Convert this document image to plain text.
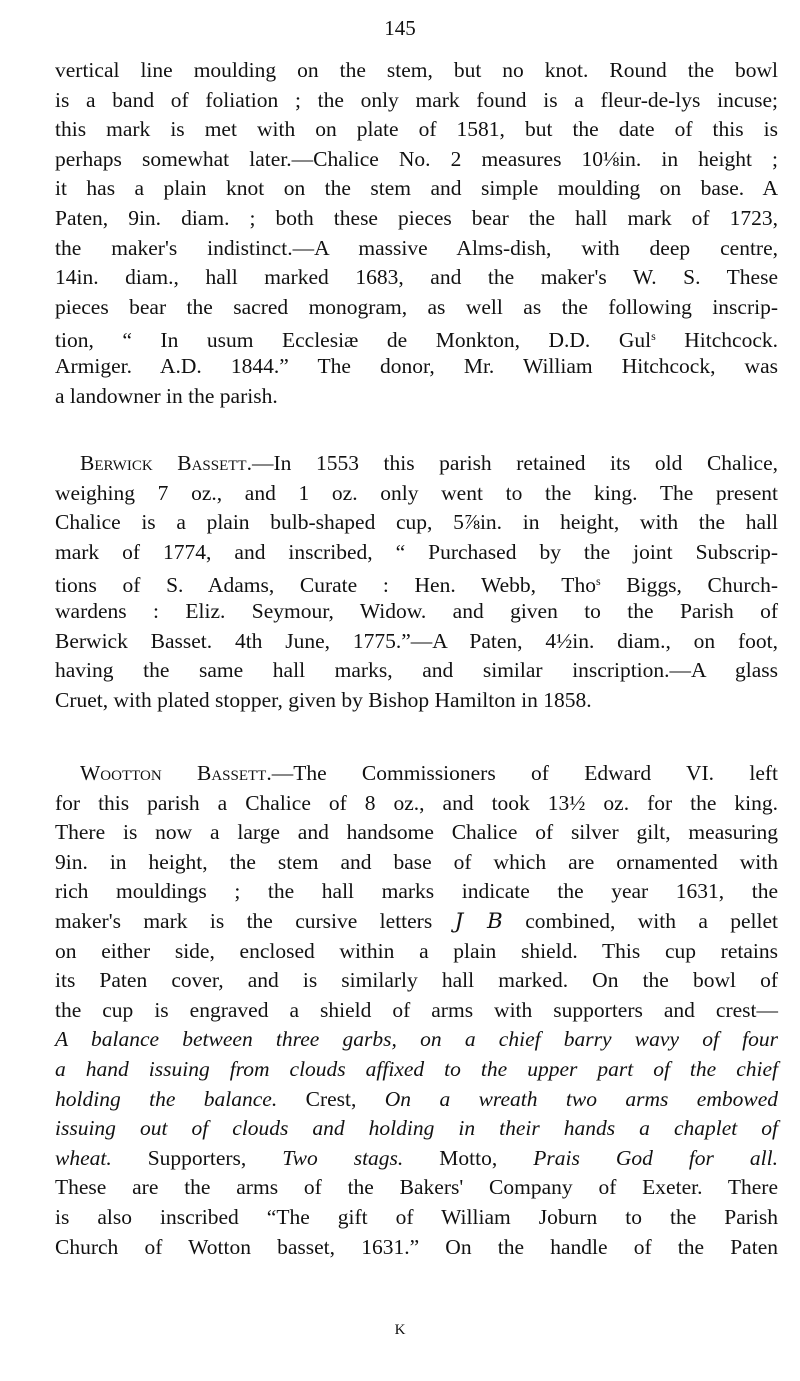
145
vertical line moulding on the stem, but no knot. Round the bowl
is a band of foliation ; the only mark found is a fleur-de-lys incuse;
this mark is met with on plate of 1581, but the date of this is
perhaps somewhat later.—Chalice No. 2 measures 10⅛in. in height ;
it has a plain knot on the stem and simple moulding on base. A
Paten, 9in. diam. ; both these pieces bear the hall mark of 1723,
the maker's indistinct.—A massive Alms-dish, with deep centre,
14in. diam., hall marked 1683, and the maker's W. S. These
pieces bear the sacred monogram, as well as the following inscrip-
tion, “ In usum Ecclesiæ de Monkton, D.D. Gul$^s$ Hitchcock.
Armiger. A.D. 1844.” The donor, Mr. William Hitchcock, was
a landowner in the parish.
Berwick Bassett.—In 1553 this parish retained its old Chalice,
weighing 7 oz., and 1 oz. only went to the king. The present
Chalice is a plain bulb-shaped cup, 5⅞in. in height, with the hall
mark of 1774, and inscribed, “ Purchased by the joint Subscrip-
tions of S. Adams, Curate : Hen. Webb, Tho$^s$ Biggs, Church-
wardens : Eliz. Seymour, Widow. and given to the Parish of
Berwick Basset. 4th June, 1775.”—A Paten, 4½in. diam., on foot,
having the same hall marks, and similar inscription.—A glass
Cruet, with plated stopper, given by Bishop Hamilton in 1858.
Wootton Bassett.—The Commissioners of Edward VI. left
for this parish a Chalice of 8 oz., and took 13½ oz. for the king.
There is now a large and handsome Chalice of silver gilt, measuring
9in. in height, the stem and base of which are ornamented with
rich mouldings ; the hall marks indicate the year 1631, the
maker's mark is the cursive letters J B combined, with a pellet
on either side, enclosed within a plain shield. This cup retains
its Paten cover, and is similarly hall marked. On the bowl of
the cup is engraved a shield of arms with supporters and crest—
A balance between three garbs, on a chief barry wavy of four
a hand issuing from clouds affixed to the upper part of the chief
holding the balance. Crest, On a wreath two arms embowed
issuing out of clouds and holding in their hands a chaplet of
wheat. Supporters, Two stags. Motto, Prais God for all.
These are the arms of the Bakers' Company of Exeter. There
is also inscribed “The gift of William Joburn to the Parish
Church of Wotton basset, 1631.” On the handle of the Paten
K
